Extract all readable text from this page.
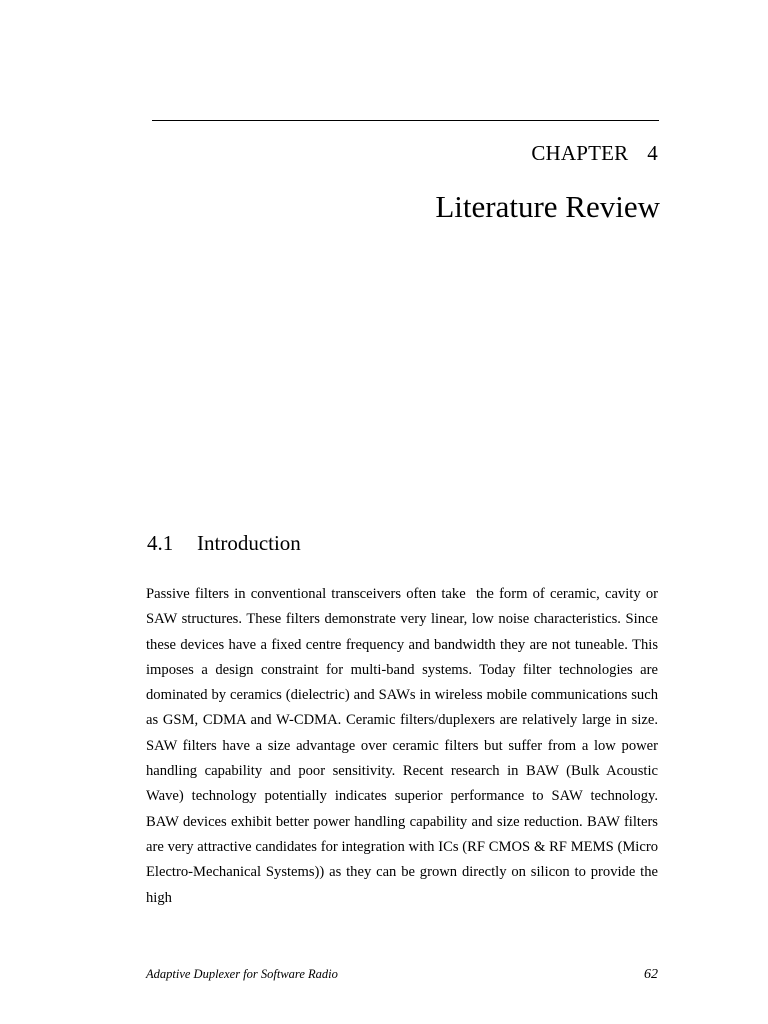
CHAPTER  4
Literature Review
4.1 Introduction

Passive filters in conventional transceivers often take  the form of ceramic, cavity or SAW structures. These filters demonstrate very linear, low noise characteristics. Since these devices have a fixed centre frequency and bandwidth they are not tuneable. This imposes a design constraint for multi-band systems. Today filter technologies are dominated by ceramics (dielectric) and SAWs in wireless mobile communications such as GSM, CDMA and W-CDMA. Ceramic filters/duplexers are relatively large in size. SAW filters have a size advantage over ceramic filters but suffer from a low power handling capability and poor sensitivity. Recent research in BAW (Bulk Acoustic Wave) technology potentially indicates superior performance to SAW technology. BAW devices exhibit better power handling capability and size reduction. BAW filters are very attractive candidates for integration with ICs (RF CMOS & RF MEMS (Micro Electro-Mechanical Systems)) as they can be grown directly on silicon to provide the high

Adaptive Duplexer for Software Radio	62
